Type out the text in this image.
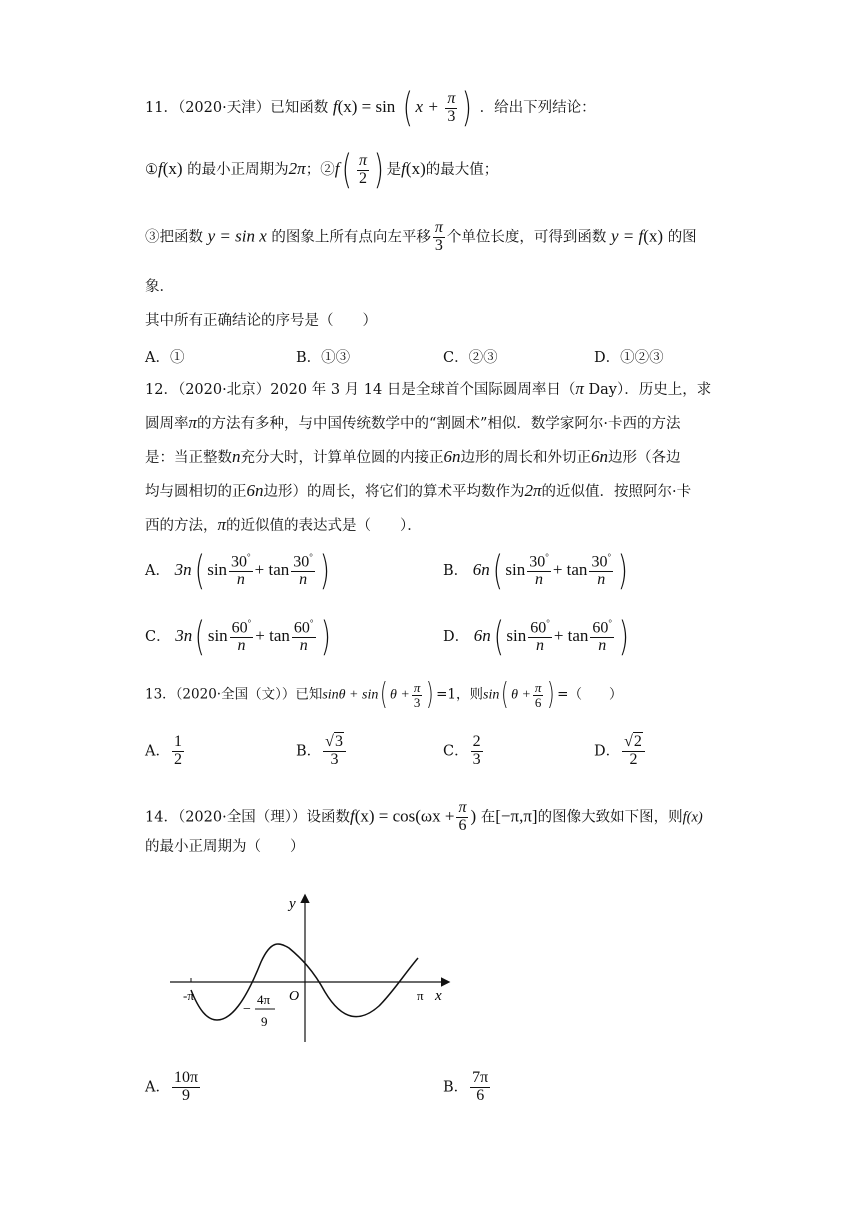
11．（2020·天津）已知函数 f(x) = sin ( $x + \frac{\pi}{3}$ ) ．给出下列结论：
①f(x) 的最小正周期为2π；②f( $\frac{\pi}{2}$ ) 是f(x)的最大值；
③把函数 y = sin x 的图象上所有点向左平移 $\frac{\pi}{3}$ 个单位长度，可得到函数 y = f(x) 的图
象．
其中所有正确结论的序号是（　　）
A．①	B．①③	C．②③	D．①②③
12．（2020·北京）2020 年 3 月 14 日是全球首个国际圆周率日（π Day）．历史上，求
圆周率π的方法有多种，与中国传统数学中的“割圆术”相似．数学家阿尔·卡西的方法
是：当正整数n充分大时，计算单位圆的内接正6n边形的周长和外切正6n边形（各边
均与圆相切的正6n边形）的周长，将它们的算术平均数作为2π的近似值．按照阿尔·卡
西的方法，π的近似值的表达式是（　　）．
A． 3n( $\sin \frac{30^\circ}{n} + \tan \frac{30^\circ}{n}$ )	B． 6n( $\sin \frac{30^\circ}{n} + \tan \frac{30^\circ}{n}$ )
C． 3n( $\sin \frac{60^\circ}{n} + \tan \frac{60^\circ}{n}$ )	D． 6n( $\sin \frac{60^\circ}{n} + \tan \frac{60^\circ}{n}$ )
13．（2020·全国（文））已知sinθ + sin( $\theta + \frac{\pi}{3}$ ) =1，则sin( $\theta + \frac{\pi}{6}$ ) =（　　）
A． $\frac{1}{2}$	B． $\frac{√3}{3}$	C． $\frac{2}{3}$	D． $\frac{√2}{2}$
14．（2020·全国（理））设函数$f(x) = \cos(\omega x + \frac{\pi}{6}$ ) 在[−π,π]的图像大致如下图，则f(x)
的最小正周期为（　　）
y
x
O
-π	π
−
4π
9
A． $\frac{10\pi}{9}$	B． $\frac{7\pi}{6}$
